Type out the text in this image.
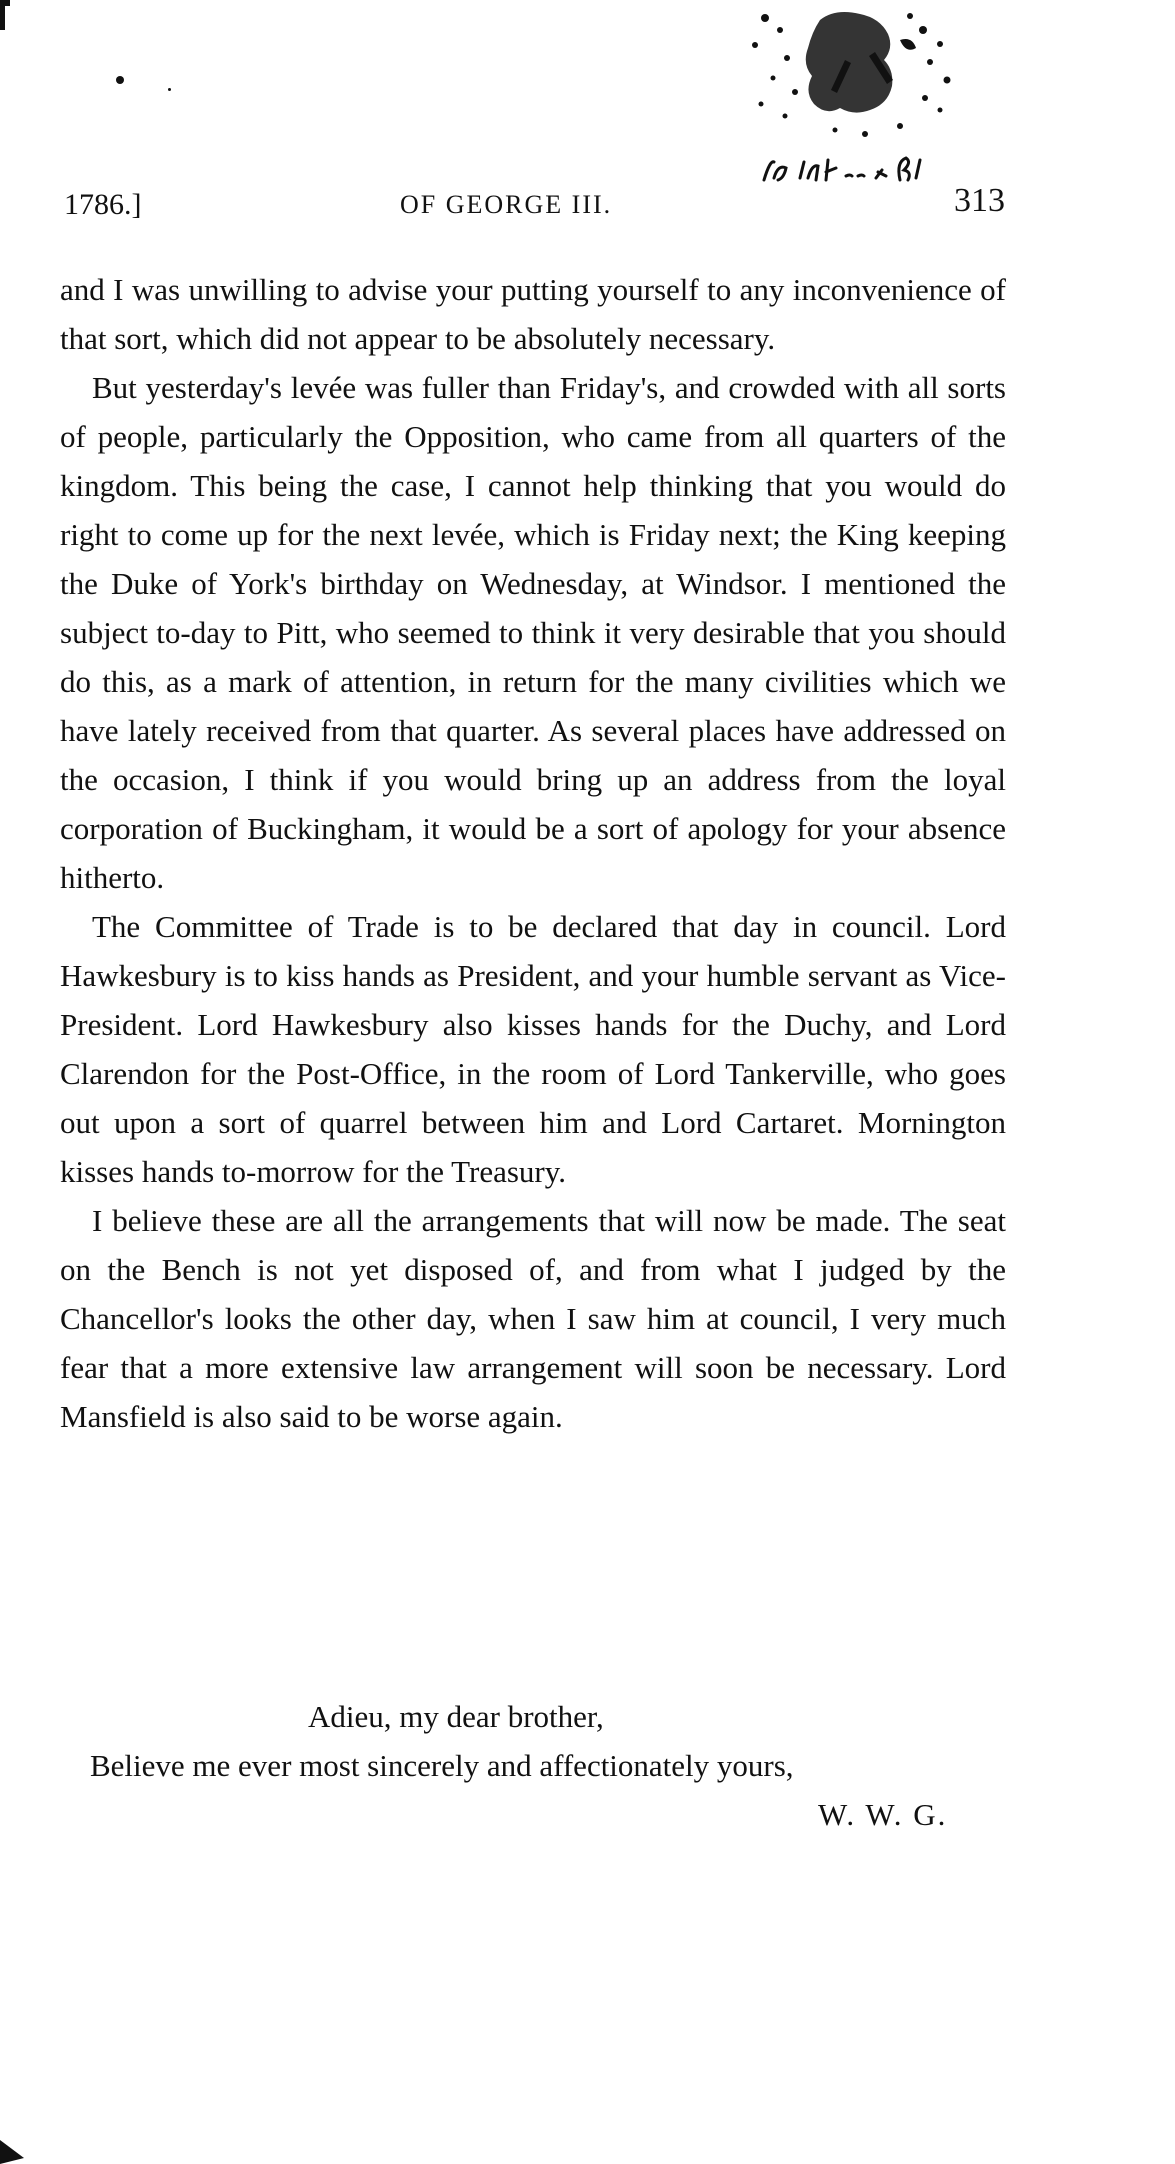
1786.]	OF GEORGE III.	313

and I was unwilling to advise your putting yourself to any inconvenience of that sort, which did not appear to be absolutely necessary.

But yesterday's levée was fuller than Friday's, and crowded with all sorts of people, particularly the Opposition, who came from all quarters of the kingdom. This being the case, I cannot help thinking that you would do right to come up for the next levée, which is Friday next; the King keeping the Duke of York's birthday on Wednesday, at Windsor. I mentioned the subject to-day to Pitt, who seemed to think it very desirable that you should do this, as a mark of attention, in return for the many civilities which we have lately received from that quarter. As several places have addressed on the occasion, I think if you would bring up an address from the loyal corporation of Buckingham, it would be a sort of apology for your absence hitherto.

The Committee of Trade is to be declared that day in council. Lord Hawkesbury is to kiss hands as President, and your humble servant as Vice-President. Lord Hawkesbury also kisses hands for the Duchy, and Lord Clarendon for the Post-Office, in the room of Lord Tankerville, who goes out upon a sort of quarrel between him and Lord Cartaret. Mornington kisses hands to-morrow for the Treasury.

I believe these are all the arrangements that will now be made. The seat on the Bench is not yet disposed of, and from what I judged by the Chancellor's looks the other day, when I saw him at council, I very much fear that a more extensive law arrangement will soon be necessary. Lord Mansfield is also said to be worse again.

Adieu, my dear brother,
Believe me ever most sincerely and affectionately yours,
W. W. G.
